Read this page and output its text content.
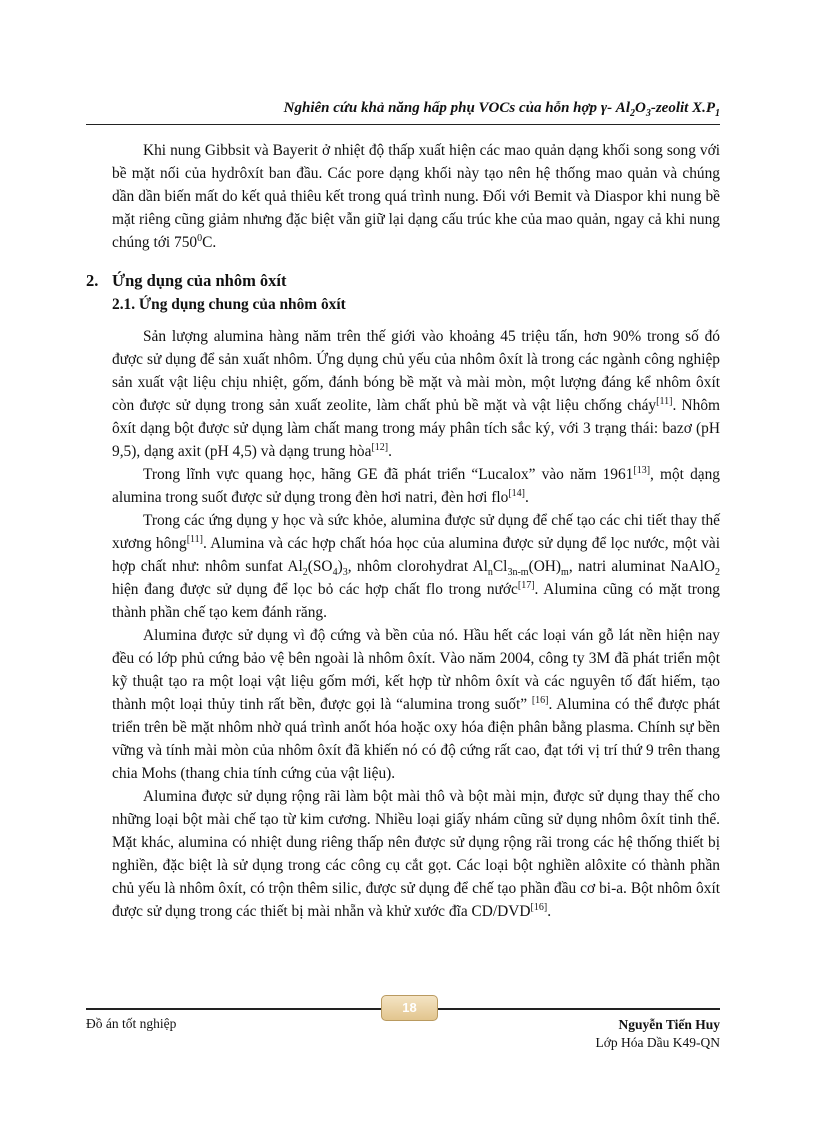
Nghiên cứu khả năng hấp phụ VOCs của hỗn hợp γ- $Al_2O_3$-zeolit $X.P_1$

Khi nung Gibbsit và Bayerit ở nhiệt độ thấp xuất hiện các mao quản dạng khối song song với bề mặt nối của hydrôxít ban đầu. Các pore dạng khối này tạo nên hệ thống mao quản và chúng dần dần biến mất do kết quả thiêu kết trong quá trình nung. Đối với Bemit và Diaspor khi nung bề mặt riêng cũng giảm nhưng đặc biệt vẫn giữ lại dạng cấu trúc khe của mao quản, ngay cả khi nung chúng tới $750^0C$.

2. Ứng dụng của nhôm ôxít
2.1. Ứng dụng chung của nhôm ôxít

Sản lượng alumina hàng năm trên thế giới vào khoảng 45 triệu tấn, hơn 90% trong số đó được sử dụng để sản xuất nhôm. Ứng dụng chủ yếu của nhôm ôxít là trong các ngành công nghiệp sản xuất vật liệu chịu nhiệt, gốm, đánh bóng bề mặt và mài mòn, một lượng đáng kể nhôm ôxít còn được sử dụng trong sản xuất zeolite, làm chất phủ bề mặt và vật liệu chống cháy[11]. Nhôm ôxít dạng bột được sử dụng làm chất mang trong máy phân tích sắc ký, với 3 trạng thái: bazơ (pH 9,5), dạng axit (pH 4,5) và dạng trung hòa[12].

Trong lĩnh vực quang học, hãng GE đã phát triển “Lucalox” vào năm 1961[13], một dạng alumina trong suốt được sử dụng trong đèn hơi natri, đèn hơi flo[14].

Trong các ứng dụng y học và sức khỏe, alumina được sử dụng để chế tạo các chi tiết thay thế xương hông[11]. Alumina và các hợp chất hóa học của alumina được sử dụng để lọc nước, một vài hợp chất như: nhôm sunfat $Al_2(SO_4)_3$, nhôm clorohydrat $Al_nCl_{3n-m}(OH)_m$, natri aluminat NaAlO$_2$ hiện đang được sử dụng để lọc bỏ các hợp chất flo trong nước[17]. Alumina cũng có mặt trong thành phần chế tạo kem đánh răng.

Alumina được sử dụng vì độ cứng và bền của nó. Hầu hết các loại ván gỗ lát nền hiện nay đều có lớp phủ cứng bảo vệ bên ngoài là nhôm ôxít. Vào năm 2004, công ty 3M đã phát triển một kỹ thuật tạo ra một loại vật liệu gốm mới, kết hợp từ nhôm ôxít và các nguyên tố đất hiếm, tạo thành một loại thủy tinh rất bền, được gọi là “alumina trong suốt” [16]. Alumina có thể được phát triển trên bề mặt nhôm nhờ quá trình anốt hóa hoặc oxy hóa điện phân bằng plasma. Chính sự bền vững và tính mài mòn của nhôm ôxít đã khiến nó có độ cứng rất cao, đạt tới vị trí thứ 9 trên thang chia Mohs (thang chia tính cứng của vật liệu).

Alumina được sử dụng rộng rãi làm bột mài thô và bột mài mịn, được sử dụng thay thế cho những loại bột mài chế tạo từ kim cương. Nhiều loại giấy nhám cũng sử dụng nhôm ôxít tinh thể. Mặt khác, alumina có nhiệt dung riêng thấp nên được sử dụng rộng rãi trong các hệ thống thiết bị nghiền, đặc biệt là sử dụng trong các công cụ cắt gọt. Các loại bột nghiền alôxite có thành phần chủ yếu là nhôm ôxít, có trộn thêm silic, được sử dụng để chế tạo phần đầu cơ bi-a. Bột nhôm ôxít được sử dụng trong các thiết bị mài nhẵn và khử xước đĩa CD/DVD[16].

18
Đồ án tốt nghiệp	Nguyễn Tiến Huy
Lớp Hóa Dầu K49-QN
